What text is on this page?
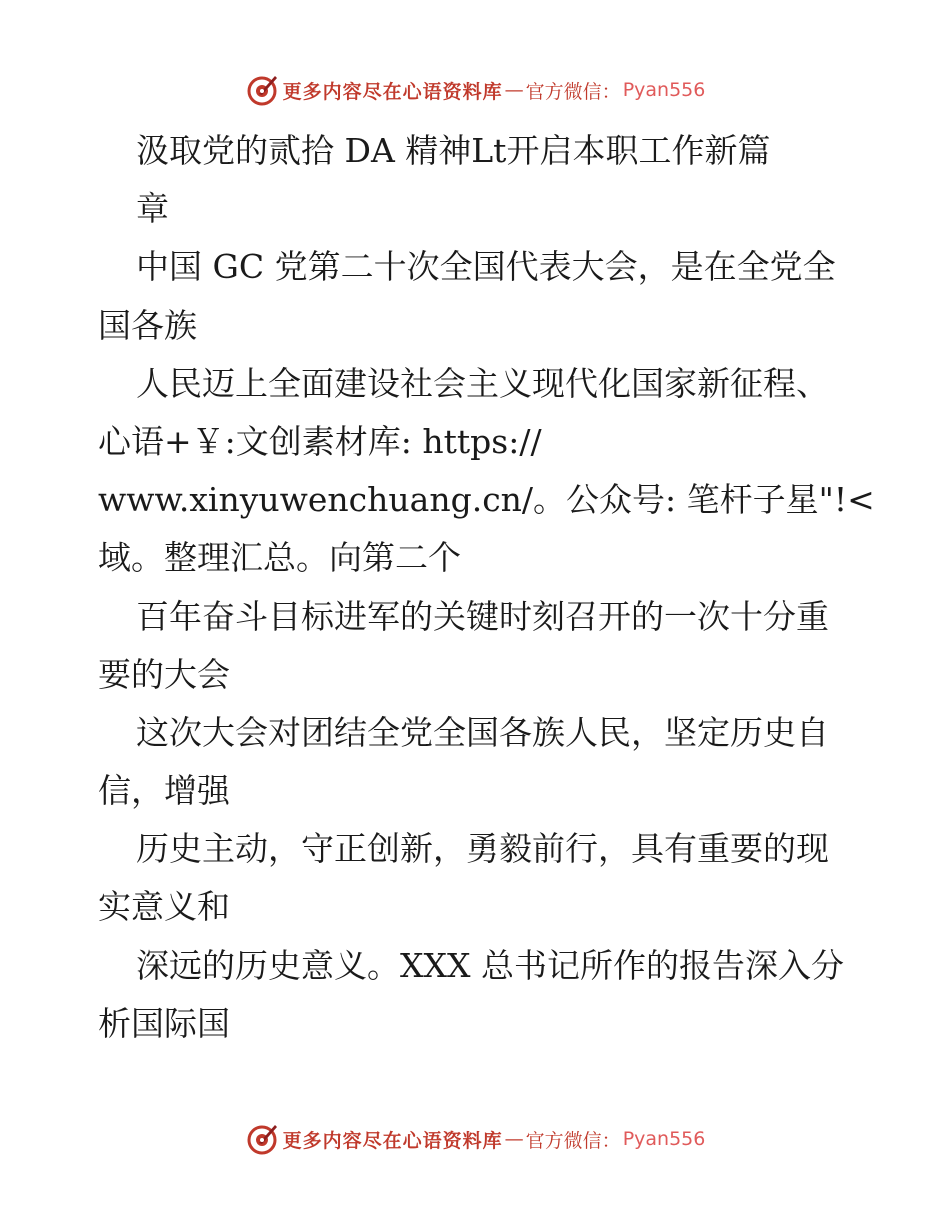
更多内容尽在心语资料库 — 官方微信： Pyan556
汲取党的贰拾 DA 精神Lt开启本职工作新篇
章
中国 GC 党第二十次全国代表大会，是在全党全
国各族
人民迈上全面建设社会主义现代化国家新征程、
心语+￥:文创素材库: https://
www.xinyuwenchuang.cn/。公众号: 笔杆子星"!<
域。整理汇总。向第二个
百年奋斗目标进军的关键时刻召开的一次十分重
要的大会
这次大会对团结全党全国各族人民，坚定历史自
信，增强
历史主动，守正创新，勇毅前行，具有重要的现
实意义和
深远的历史意义。XXX 总书记所作的报告深入分
析国际国
更多内容尽在心语资料库 — 官方微信： Pyan556
